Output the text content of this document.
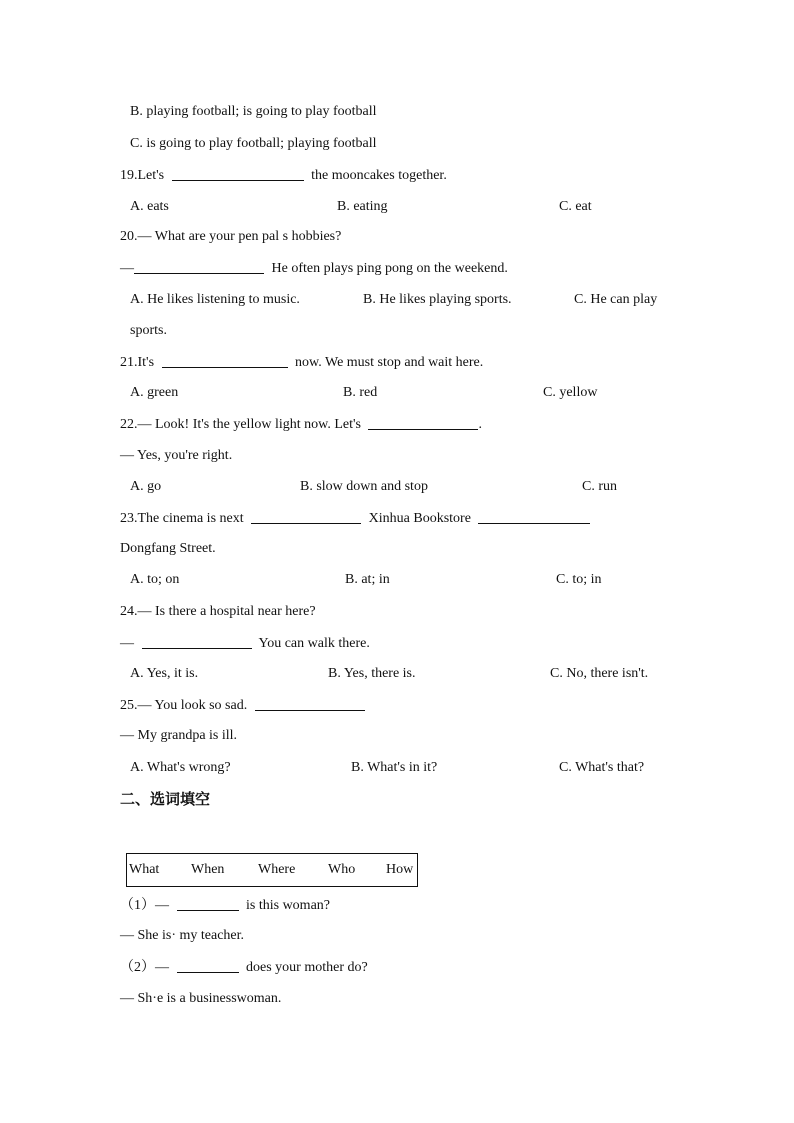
B. playing football; is going to play football
C. is going to play football; playing football
19.Let's	the mooncakes together.
A. eats	B. eating	C. eat
20.— What are your pen pal s hobbies?
—	He often plays ping pong on the weekend.
A. He likes listening to music.	B. He likes playing sports.	C. He can play
sports.
21.It's	now. We must stop and wait here.
A. green	B. red	C. yellow
22.— Look! It's the yellow light now. Let's	.
— Yes, you're right.
A. go	B. slow down and stop	C. run
23.The cinema is next	Xinhua Bookstore
Dongfang Street.
A. to; on	B. at; in	C. to; in
24.— Is there a hospital near here?
—	You can walk there.
A. Yes, it is.	B. Yes, there is.	C. No, there isn't.
25.— You look so sad.
— My grandpa is ill.
A. What's wrong?	B. What's in it?	C. What's that?
二、选词填空
What When Where Who How
（1）—	is this woman?
— She is· my teacher.
（2）—	does your mother do?
— Sh·e is a businesswoman.
